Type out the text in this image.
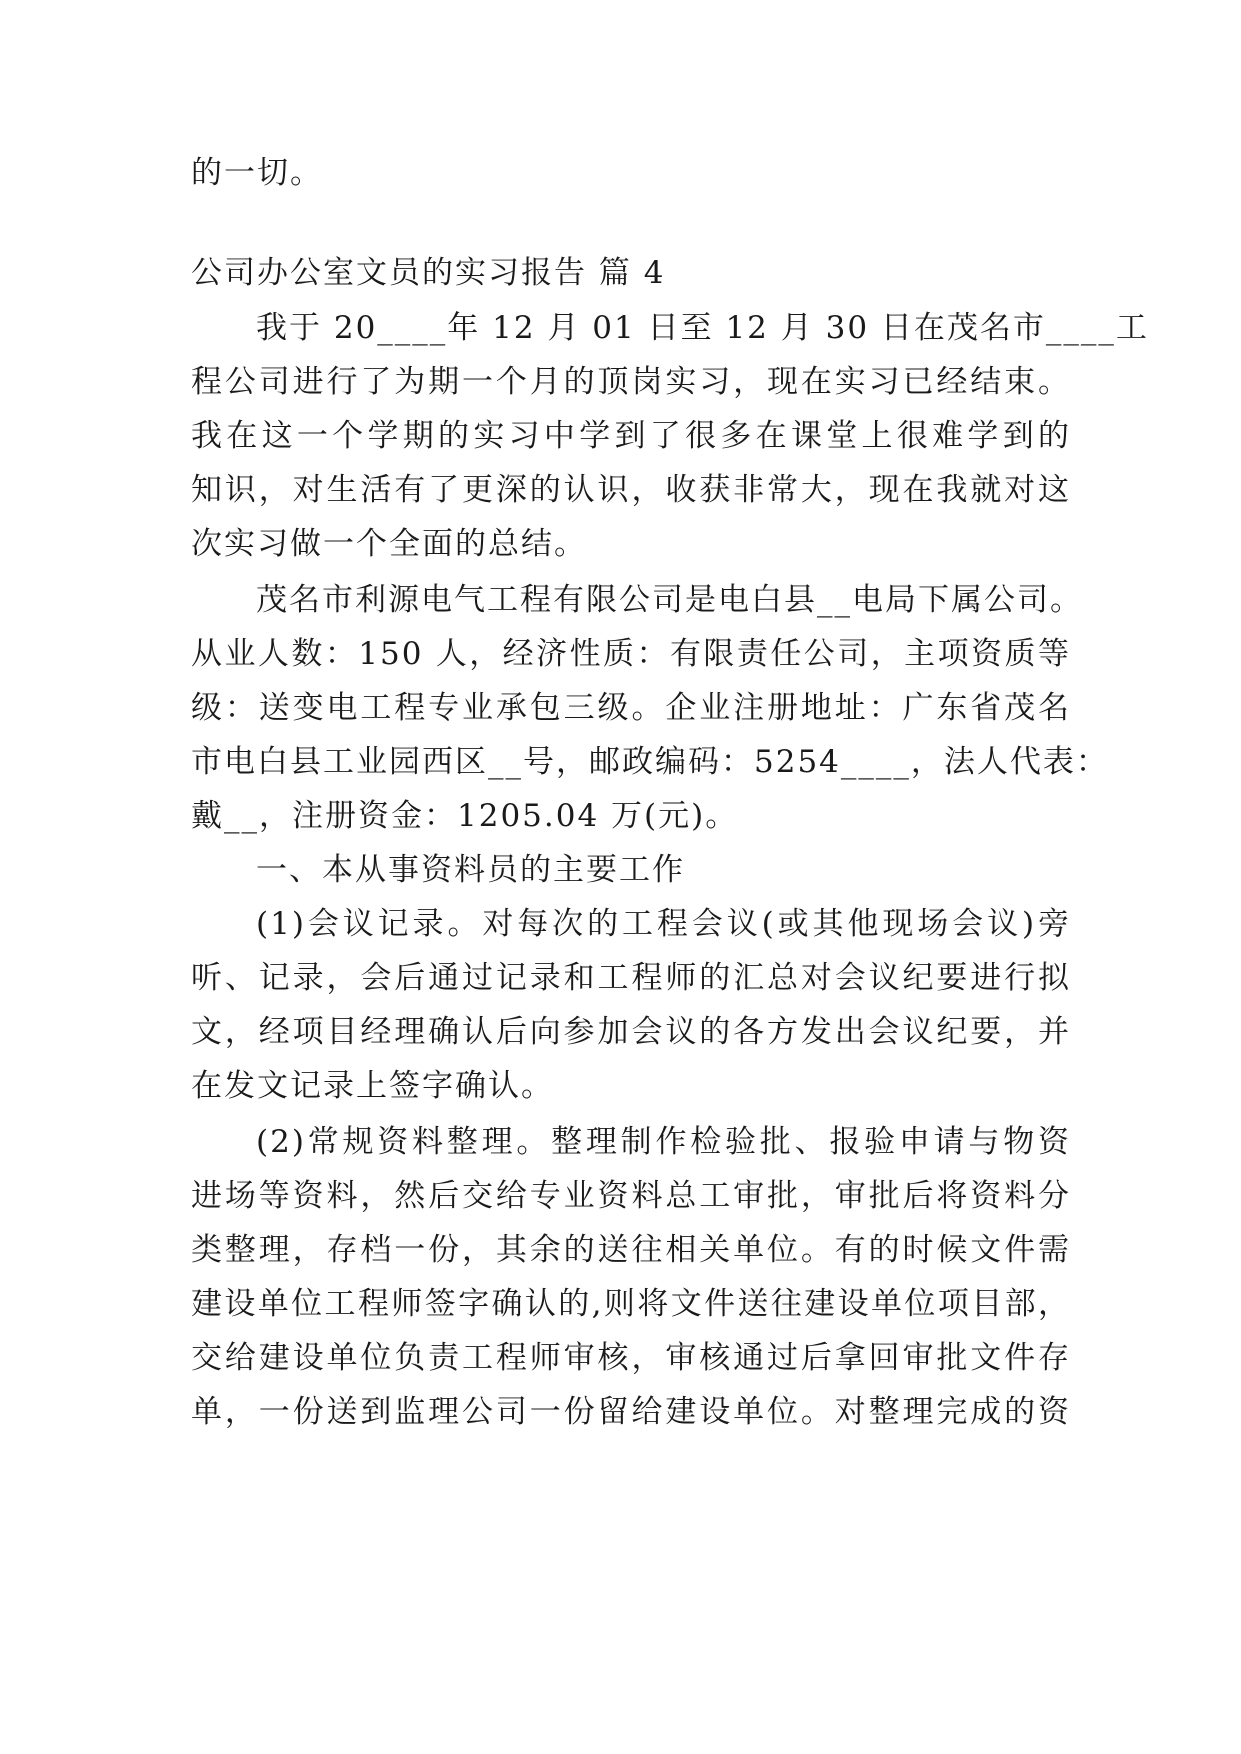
的一切。
公司办公室文员的实习报告 篇 4
我于 20____年 12 月 01 日至 12 月 30 日在茂名市____工
程公司进行了为期一个月的顶岗实习，现在实习已经结束。
我在这一个学期的实习中学到了很多在课堂上很难学到的
知识，对生活有了更深的认识，收获非常大，现在我就对这
次实习做一个全面的总结。
茂名市利源电气工程有限公司是电白县__电局下属公司。
从业人数：150 人，经济性质：有限责任公司，主项资质等
级：送变电工程专业承包三级。企业注册地址：广东省茂名
市电白县工业园西区__号，邮政编码：5254____，法人代表：
戴__，注册资金：1205.04 万(元)。
一、本从事资料员的主要工作
(1)会议记录。对每次的工程会议(或其他现场会议)旁
听、记录，会后通过记录和工程师的汇总对会议纪要进行拟
文，经项目经理确认后向参加会议的各方发出会议纪要，并
在发文记录上签字确认。
(2)常规资料整理。整理制作检验批、报验申请与物资
进场等资料，然后交给专业资料总工审批，审批后将资料分
类整理，存档一份，其余的送往相关单位。有的时候文件需
建设单位工程师签字确认的,则将文件送往建设单位项目部，
交给建设单位负责工程师审核，审核通过后拿回审批文件存
单，一份送到监理公司一份留给建设单位。对整理完成的资
